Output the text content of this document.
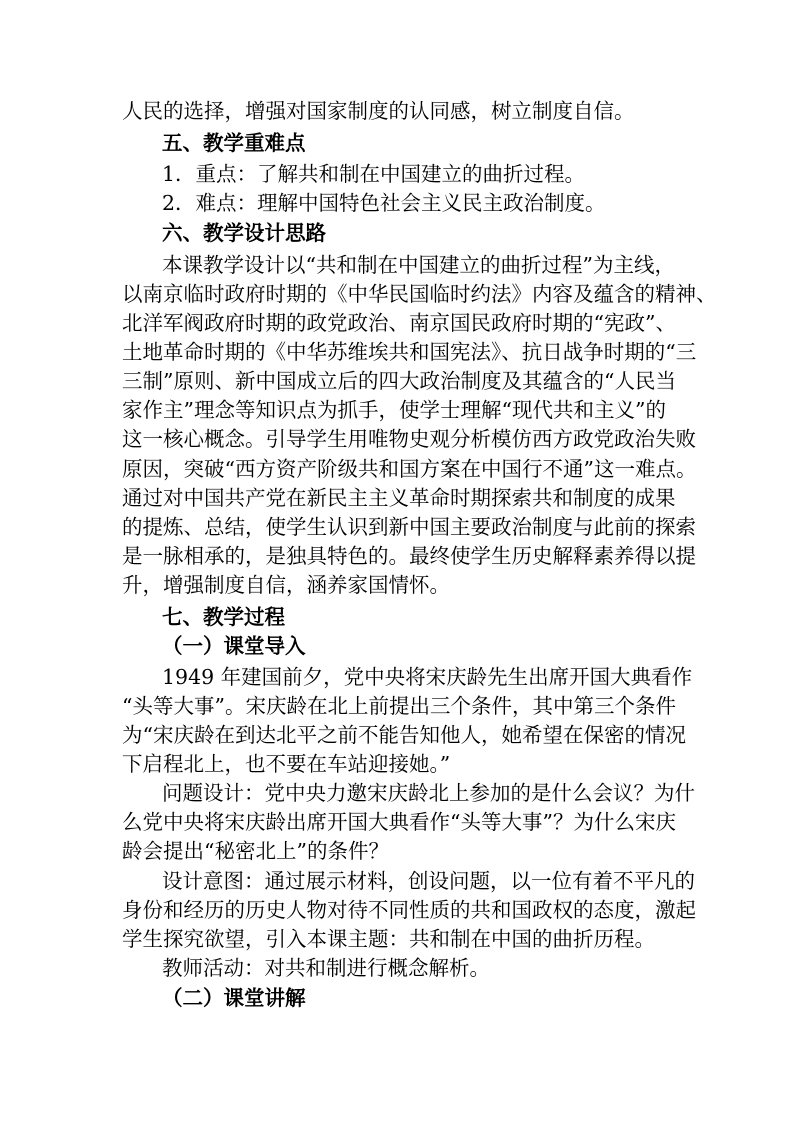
人民的选择，增强对国家制度的认同感，树立制度自信。
五、教学重难点
1．重点：了解共和制在中国建立的曲折过程。
2．难点：理解中国特色社会主义民主政治制度。
六、教学设计思路
本课教学设计以“共和制在中国建立的曲折过程”为主线，
以南京临时政府时期的《中华民国临时约法》内容及蕴含的精神、
北洋军阀政府时期的政党政治、南京国民政府时期的“宪政”、
土地革命时期的《中华苏维埃共和国宪法》、抗日战争时期的“三
三制”原则、新中国成立后的四大政治制度及其蕴含的“人民当
家作主”理念等知识点为抓手，使学士理解“现代共和主义”的
这一核心概念。引导学生用唯物史观分析模仿西方政党政治失败
原因，突破“西方资产阶级共和国方案在中国行不通”这一难点。
通过对中国共产党在新民主主义革命时期探索共和制度的成果
的提炼、总结，使学生认识到新中国主要政治制度与此前的探索
是一脉相承的，是独具特色的。最终使学生历史解释素养得以提
升，增强制度自信，涵养家国情怀。
七、教学过程
（一）课堂导入
1949 年建国前夕，党中央将宋庆龄先生出席开国大典看作
“头等大事”。宋庆龄在北上前提出三个条件，其中第三个条件
为“宋庆龄在到达北平之前不能告知他人，她希望在保密的情况
下启程北上，也不要在车站迎接她。”
问题设计：党中央力邀宋庆龄北上参加的是什么会议？为什
么党中央将宋庆龄出席开国大典看作“头等大事”？为什么宋庆
龄会提出“秘密北上”的条件？
设计意图：通过展示材料，创设问题，以一位有着不平凡的
身份和经历的历史人物对待不同性质的共和国政权的态度，激起
学生探究欲望，引入本课主题：共和制在中国的曲折历程。
教师活动：对共和制进行概念解析。
（二）课堂讲解
